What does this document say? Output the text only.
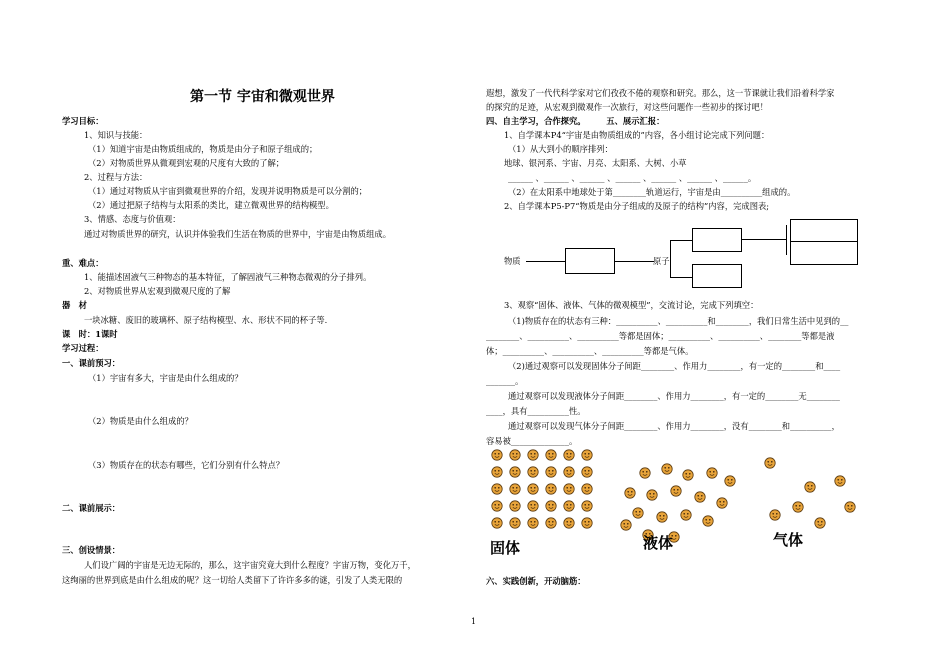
第一节 宇宙和微观世界
学习目标：
1、知识与技能：
（1）知道宇宙是由物质组成的，物质是由分子和原子组成的；
（2）对物质世界从微观到宏观的尺度有大致的了解；
2、过程与方法：
（1）通过对物质从宇宙到微观世界的介绍，发现并说明物质是可以分割的；
（2）通过把原子结构与太阳系的类比，建立微观世界的结构模型。
3、情感、态度与价值观：
通过对物质世界的研究，认识并体验我们生活在物质的世界中，宇宙是由物质组成。
重、难点：
1、能描述固液气三种物态的基本特征，了解固液气三种物态微观的分子排列。
2、对物质世界从宏观到微观尺度的了解
器　材
一块冰糖、废旧的玻璃杯、原子结构模型、水、形状不同的杯子等.
课　时：1课时
学习过程：
一、课前预习：
（1）宇宙有多大，宇宙是由什么组成的？
（2）物质是由什么组成的？
（3）物质存在的状态有哪些，它们分别有什么特点？
二、课前展示：
三、创设情景：
人们设广阔的宇宙是无边无际的，那么，这宇宙究竟大到什么程度？宇宙万物，变化万千，
这绚丽的世界到底是由什么组成的呢？这一切给人类留下了许许多多的谜，引发了人类无限的
遐想，激发了一代代科学家对它们孜孜不倦的观察和研究。那么，这一节课就让我们沿着科学家
的探究的足迹，从宏观到微观作一次旅行，对这些问题作一些初步的探讨吧！
四、自主学习，合作探究。　　　五、展示汇报：
1、自学课本P4“宇宙是由物质组成的”内容，各小组讨论完成下列问题：
（1）从大到小的顺序排列：
地球、银河系、宇宙、月亮、太阳系、大树、小草
______ 、______ 、______ 、______ 、______ 、______ 、______。
（2）在太阳系中地球处于第________轨道运行，宇宙是由__________组成的。
2、自学课本P5-P7“物质是由分子组成的及原子的结构”内容，完成图表;
物质	原子
3、观察“固体、液体、气体的微观模型”，交流讨论，完成下列填空：
（1)物质存在的状态有三种：__________、__________和________，我们日常生活中见到的__
________、__________、__________等都是固体；__________、__________、________等都是液
体；__________、__________、__________等都是气体。
（2)通过观察可以发现固体分子间距________、作用力________，有一定的________和____
_______。
通过观察可以发现液体分子间距________、作用力________，有一定的________无________
____，具有__________性。
通过观察可以发现气体分子间距________、作用力________，没有________和__________，
容易被______________。
固体	液体	气体
六、实践创新，开动脑筋：
1
